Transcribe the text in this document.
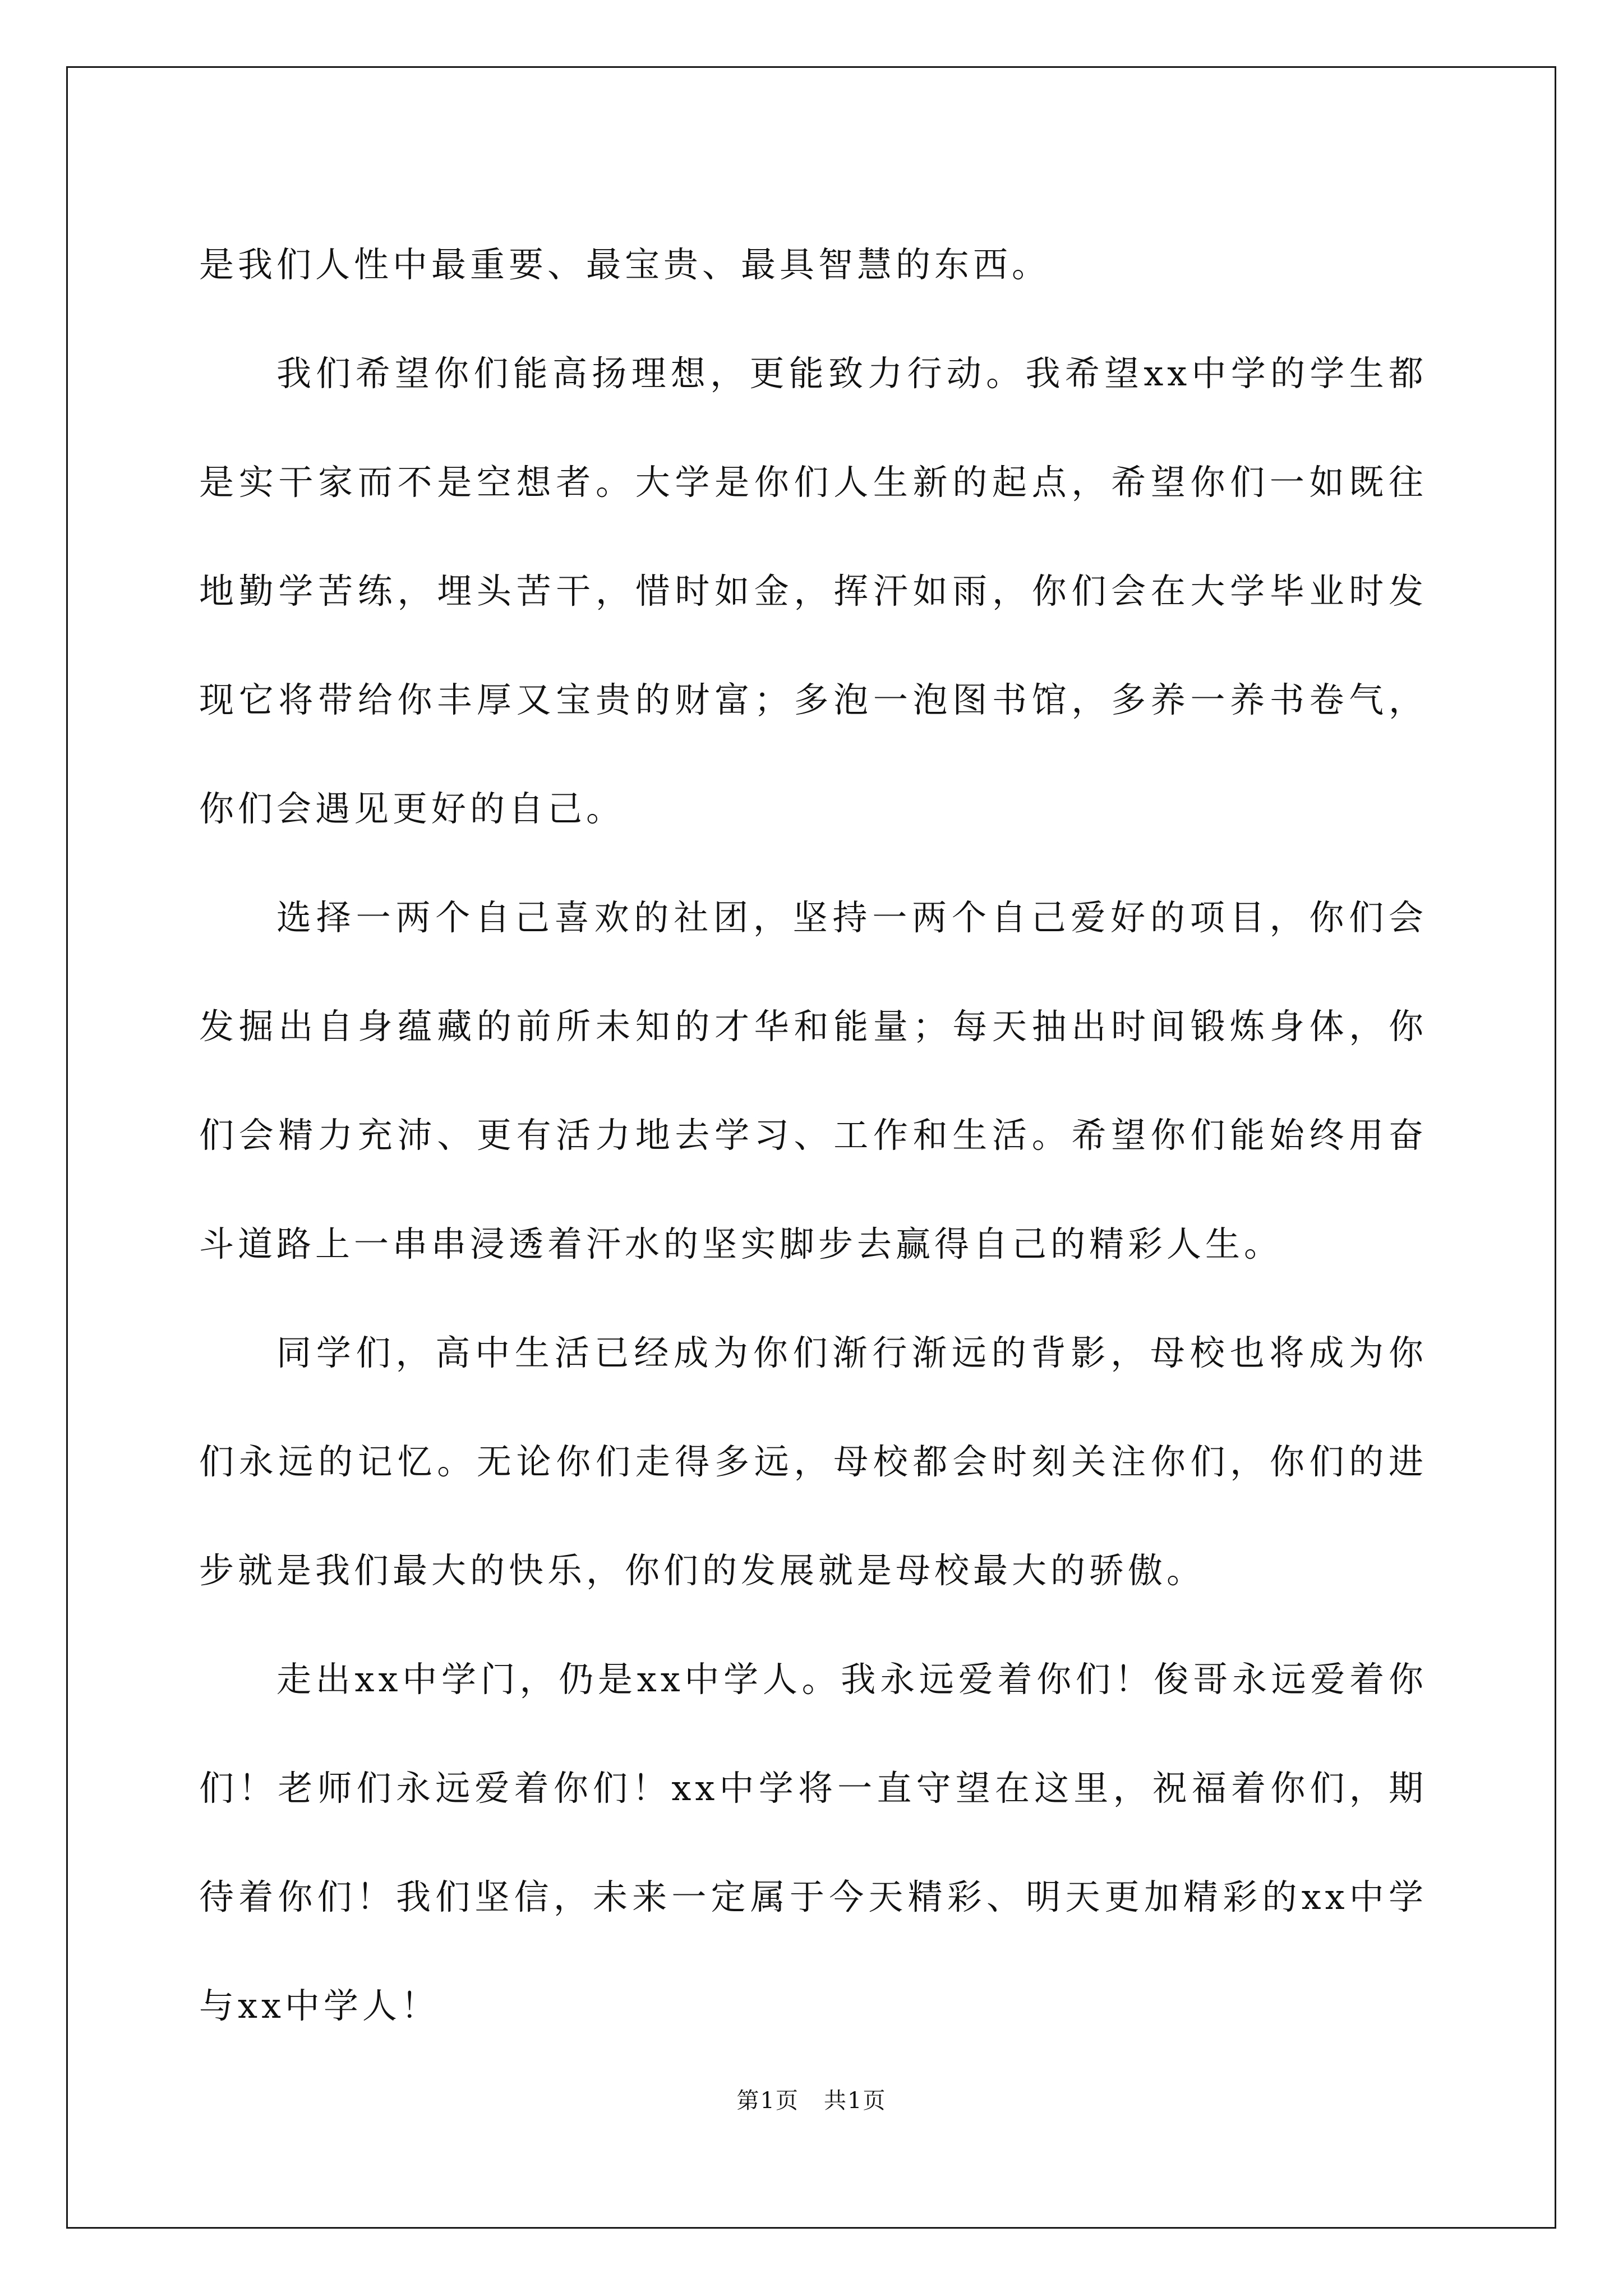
是我们人性中最重要、最宝贵、最具智慧的东西。

我们希望你们能高扬理想，更能致力行动。我希望xx中学的学生都是实干家而不是空想者。大学是你们人生新的起点，希望你们一如既往地勤学苦练，埋头苦干，惜时如金，挥汗如雨，你们会在大学毕业时发现它将带给你丰厚又宝贵的财富；多泡一泡图书馆，多养一养书卷气，你们会遇见更好的自己。

选择一两个自己喜欢的社团，坚持一两个自己爱好的项目，你们会发掘出自身蕴藏的前所未知的才华和能量；每天抽出时间锻炼身体，你们会精力充沛、更有活力地去学习、工作和生活。希望你们能始终用奋斗道路上一串串浸透着汗水的坚实脚步去赢得自己的精彩人生。

同学们，高中生活已经成为你们渐行渐远的背影，母校也将成为你们永远的记忆。无论你们走得多远，母校都会时刻关注你们，你们的进步就是我们最大的快乐，你们的发展就是母校最大的骄傲。

走出xx中学门，仍是xx中学人。我永远爱着你们！俊哥永远爱着你们！老师们永远爱着你们！xx中学将一直守望在这里，祝福着你们，期待着你们！我们坚信，未来一定属于今天精彩、明天更加精彩的xx中学与xx中学人！

第1页 共1页
